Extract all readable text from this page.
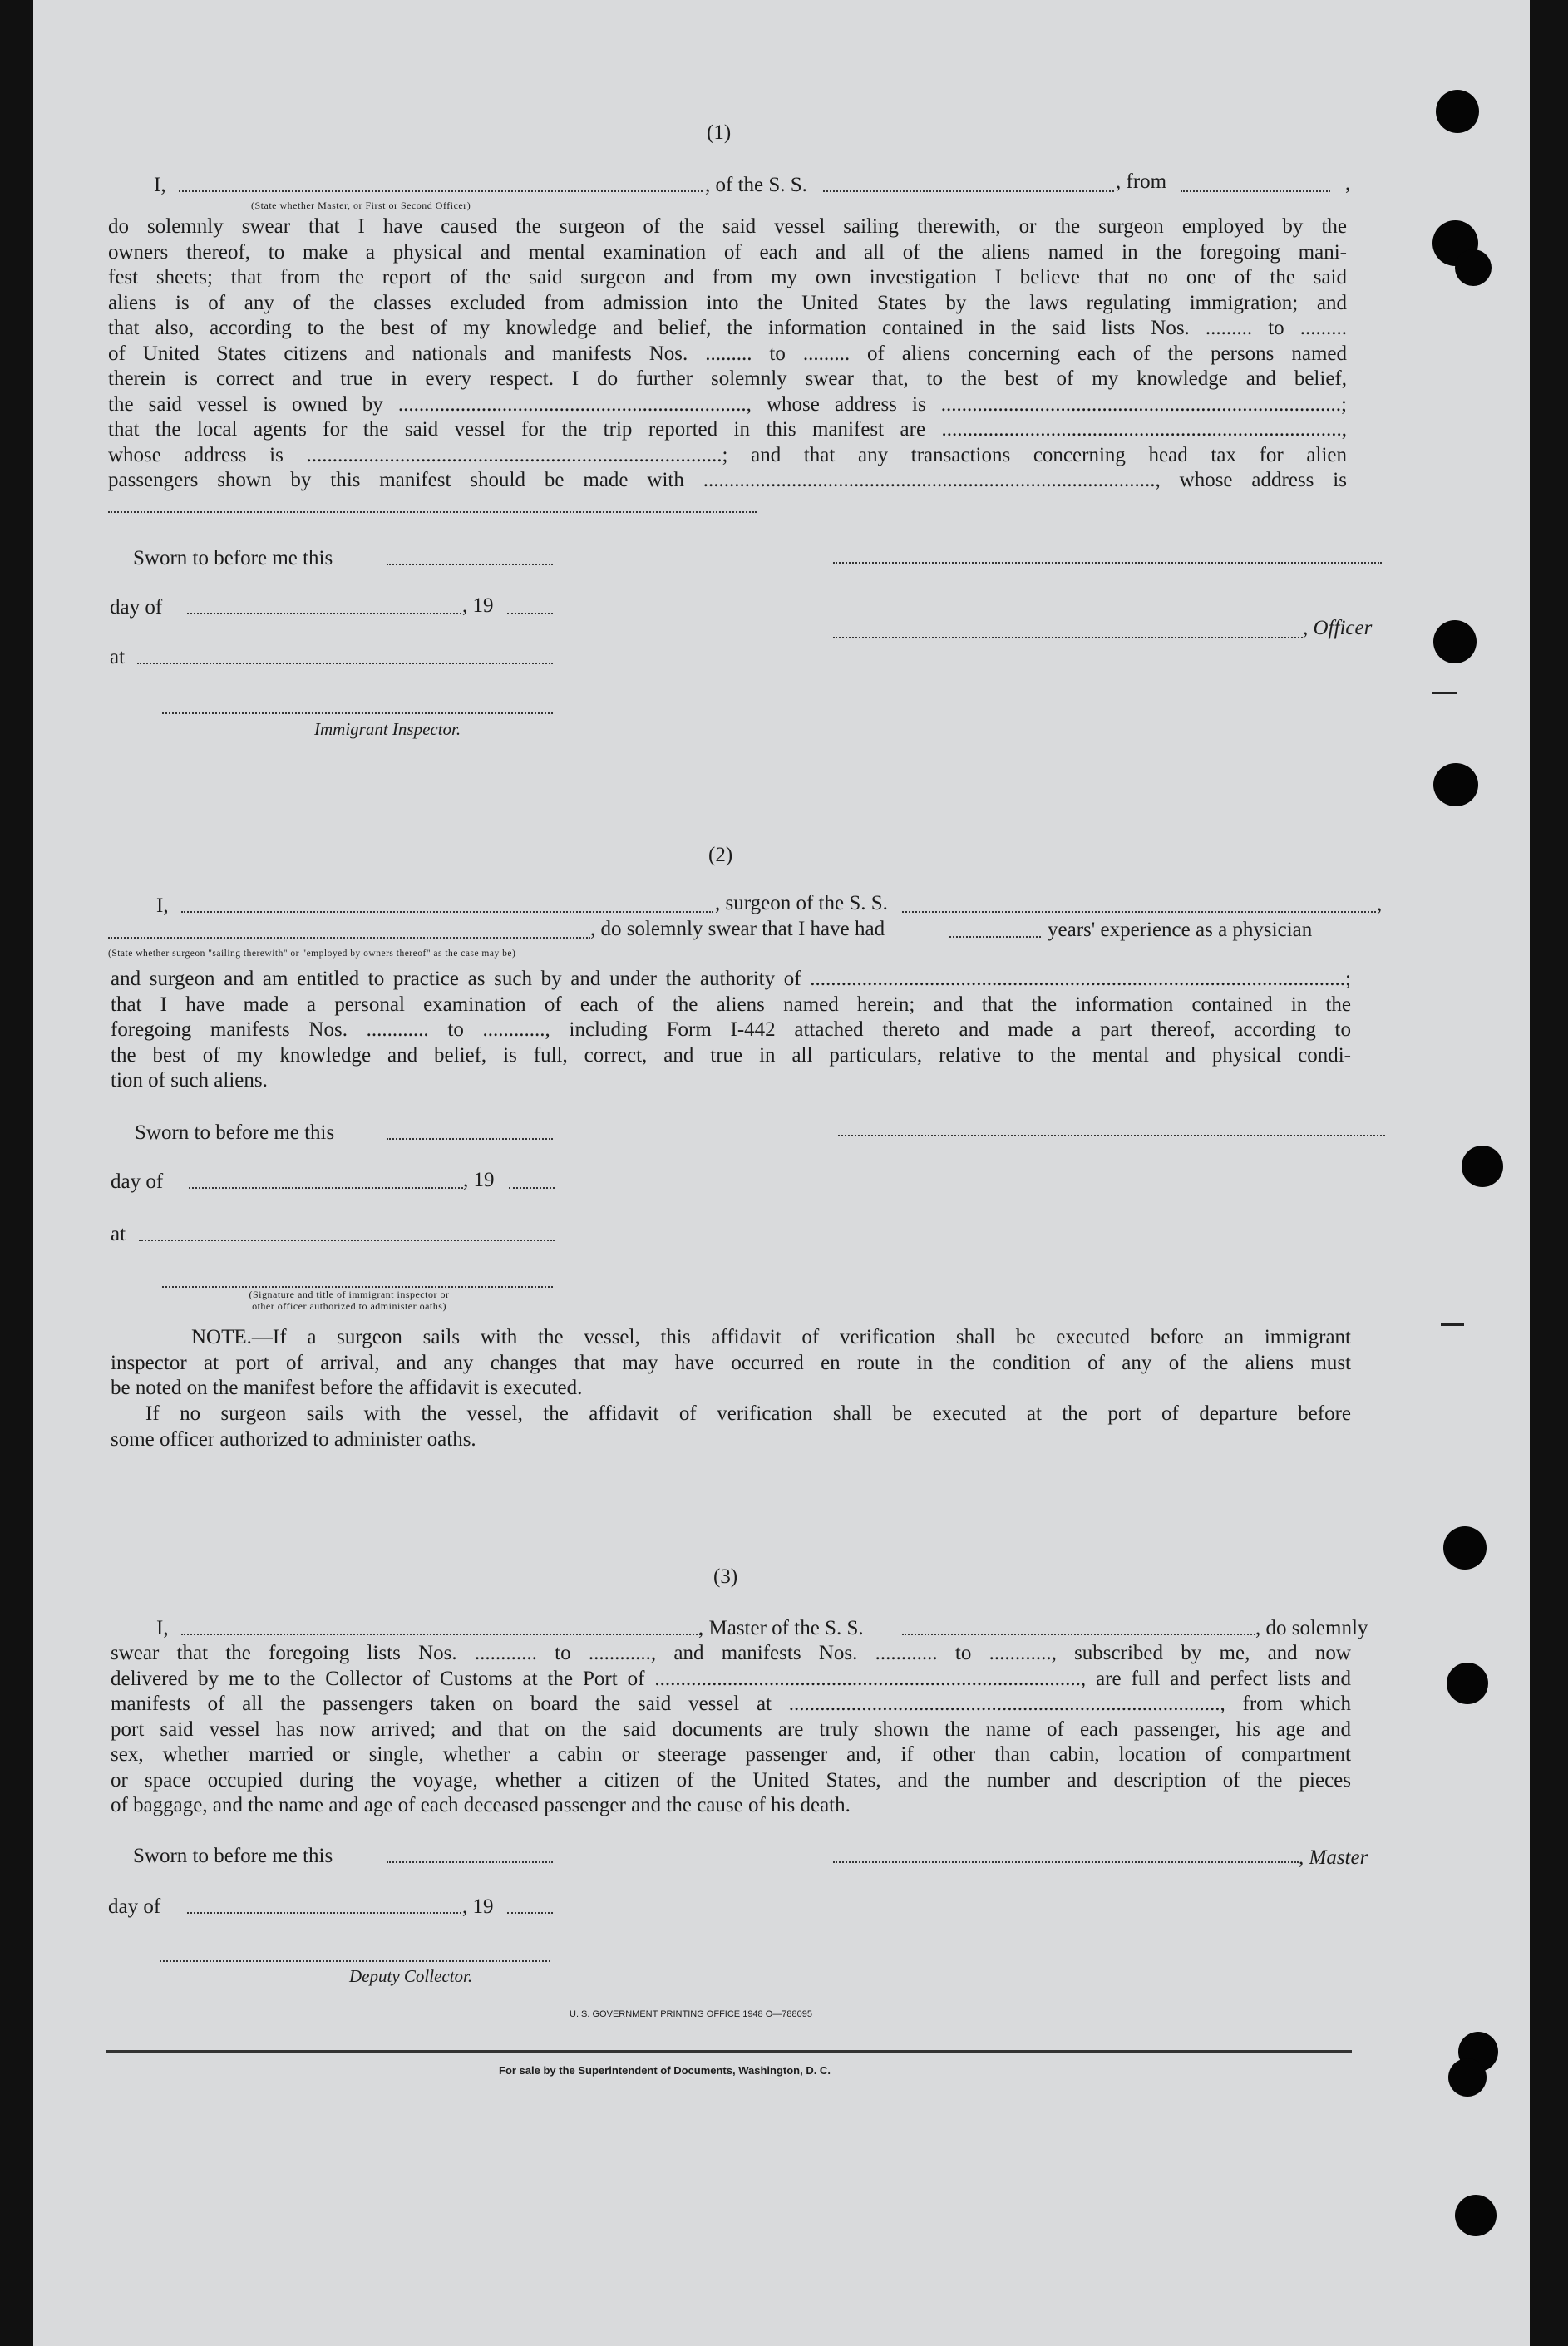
(1)
I,	, of the S. S.	, from	,
(State whether Master, or First or Second Officer)
do solemnly swear that I have caused the surgeon of the said vessel sailing therewith, or the surgeon employed by the
owners thereof, to make a physical and mental examination of each and all of the aliens named in the foregoing mani-
fest sheets; that from the report of the said surgeon and from my own investigation I believe that no one of the said
aliens is of any of the classes excluded from admission into the United States by the laws regulating immigration; and
that also, according to the best of my knowledge and belief, the information contained in the said lists Nos. ......... to .........
of United States citizens and nationals and manifests Nos. ......... to ......... of aliens concerning each of the persons named
therein is correct and true in every respect. I do further solemnly swear that, to the best of my knowledge and belief,
the said vessel is owned by ..................................................................., whose address is .............................................................................;
that the local agents for the said vessel for the trip reported in this manifest are .............................................................................,
whose address is ................................................................................; and that any transactions concerning head tax for alien
passengers shown by this manifest should be made with ......................................................................................., whose address is
Sworn to before me this
day of	, 19
, Officer
at
Immigrant Inspector.
(2)
I,	, surgeon of the S. S.	,
, do solemnly swear that I have had	years' experience as a physician
(State whether surgeon "sailing therewith" or "employed by owners thereof" as the case may be)
and surgeon and am entitled to practice as such by and under the authority of .......................................................................................................;
that I have made a personal examination of each of the aliens named herein; and that the information contained in the
foregoing manifests Nos. ............ to ............, including Form I-442 attached thereto and made a part thereof, according to
the best of my knowledge and belief, is full, correct, and true in all particulars, relative to the mental and physical condi-
tion of such aliens.
Sworn to before me this
day of	, 19
at
(Signature and title of immigrant inspector or
other officer authorized to administer oaths)
NOTE.—If a surgeon sails with the vessel, this affidavit of verification shall be executed before an immigrant
inspector at port of arrival, and any changes that may have occurred en route in the condition of any of the aliens must
be noted on the manifest before the affidavit is executed.
If no surgeon sails with the vessel, the affidavit of verification shall be executed at the port of departure before
some officer authorized to administer oaths.
(3)
I,	, Master of the S. S.	, do solemnly
swear that the foregoing lists Nos. ............ to ............, and manifests Nos. ............ to ............, subscribed by me, and now
delivered by me to the Collector of Customs at the Port of .................................................................................., are full and perfect lists and
manifests of all the passengers taken on board the said vessel at ..................................................................................., from which
port said vessel has now arrived; and that on the said documents are truly shown the name of each passenger, his age and
sex, whether married or single, whether a cabin or steerage passenger and, if other than cabin, location of compartment
or space occupied during the voyage, whether a citizen of the United States, and the number and description of the pieces
of baggage, and the name and age of each deceased passenger and the cause of his death.
Sworn to before me this	, Master
day of	, 19
Deputy Collector.
U. S. GOVERNMENT PRINTING OFFICE 1948 O—788095
For sale by the Superintendent of Documents, Washington, D. C.
